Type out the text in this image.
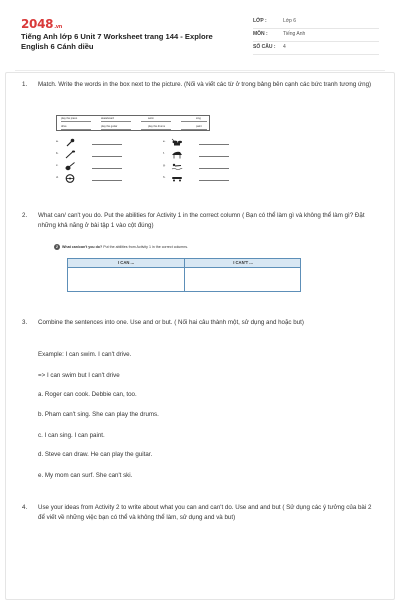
2048.vn
Tiếng Anh lớp 6 Unit 7 Worksheet trang 144 - Explore English 6 Cánh diều
LỚP :	Lớp 6
MÔN :	Tiếng Anh
SỐ CÂU : 4
1. Match. Write the words in the box next to the picture. (Nối và viết các từ ở trong bảng bên cạnh các bức tranh tương ứng)
play the piano	skateboard	swim	sing
drive	play the guitar	play the drums	paint
a.
b.
c.
d.
e.
f.
g.
h.
2. What can/ can't you do. Put the abilities for Activity 1 in the correct column ( Bạn có thể làm gì và không thể làm gì? Đặt những khả năng ở bài tập 1 vào cột đúng)
2 What can/can't you do? Put the abilities from Activity 1 in the correct columns.
I CAN ...	I CAN'T ...
3. Combine the sentences into one. Use and or but. ( Nối hai câu thành một, sử dụng and hoặc but)
Example: I can swim. I can't drive.
=> I can swim but I can't drive
a. Roger can cook. Debbie can, too.
b. Pham can't sing. She can play the drums.
c. I can sing. I can paint.
d. Steve can draw. He can play the guitar.
e. My mom can surf. She can't ski.
4. Use your ideas from Activity 2 to write about what you can and can't do. Use and and but ( Sử dụng các ý tưởng của bài 2 để viết về những việc bạn có thể và không thể làm, sử dụng and và but)
